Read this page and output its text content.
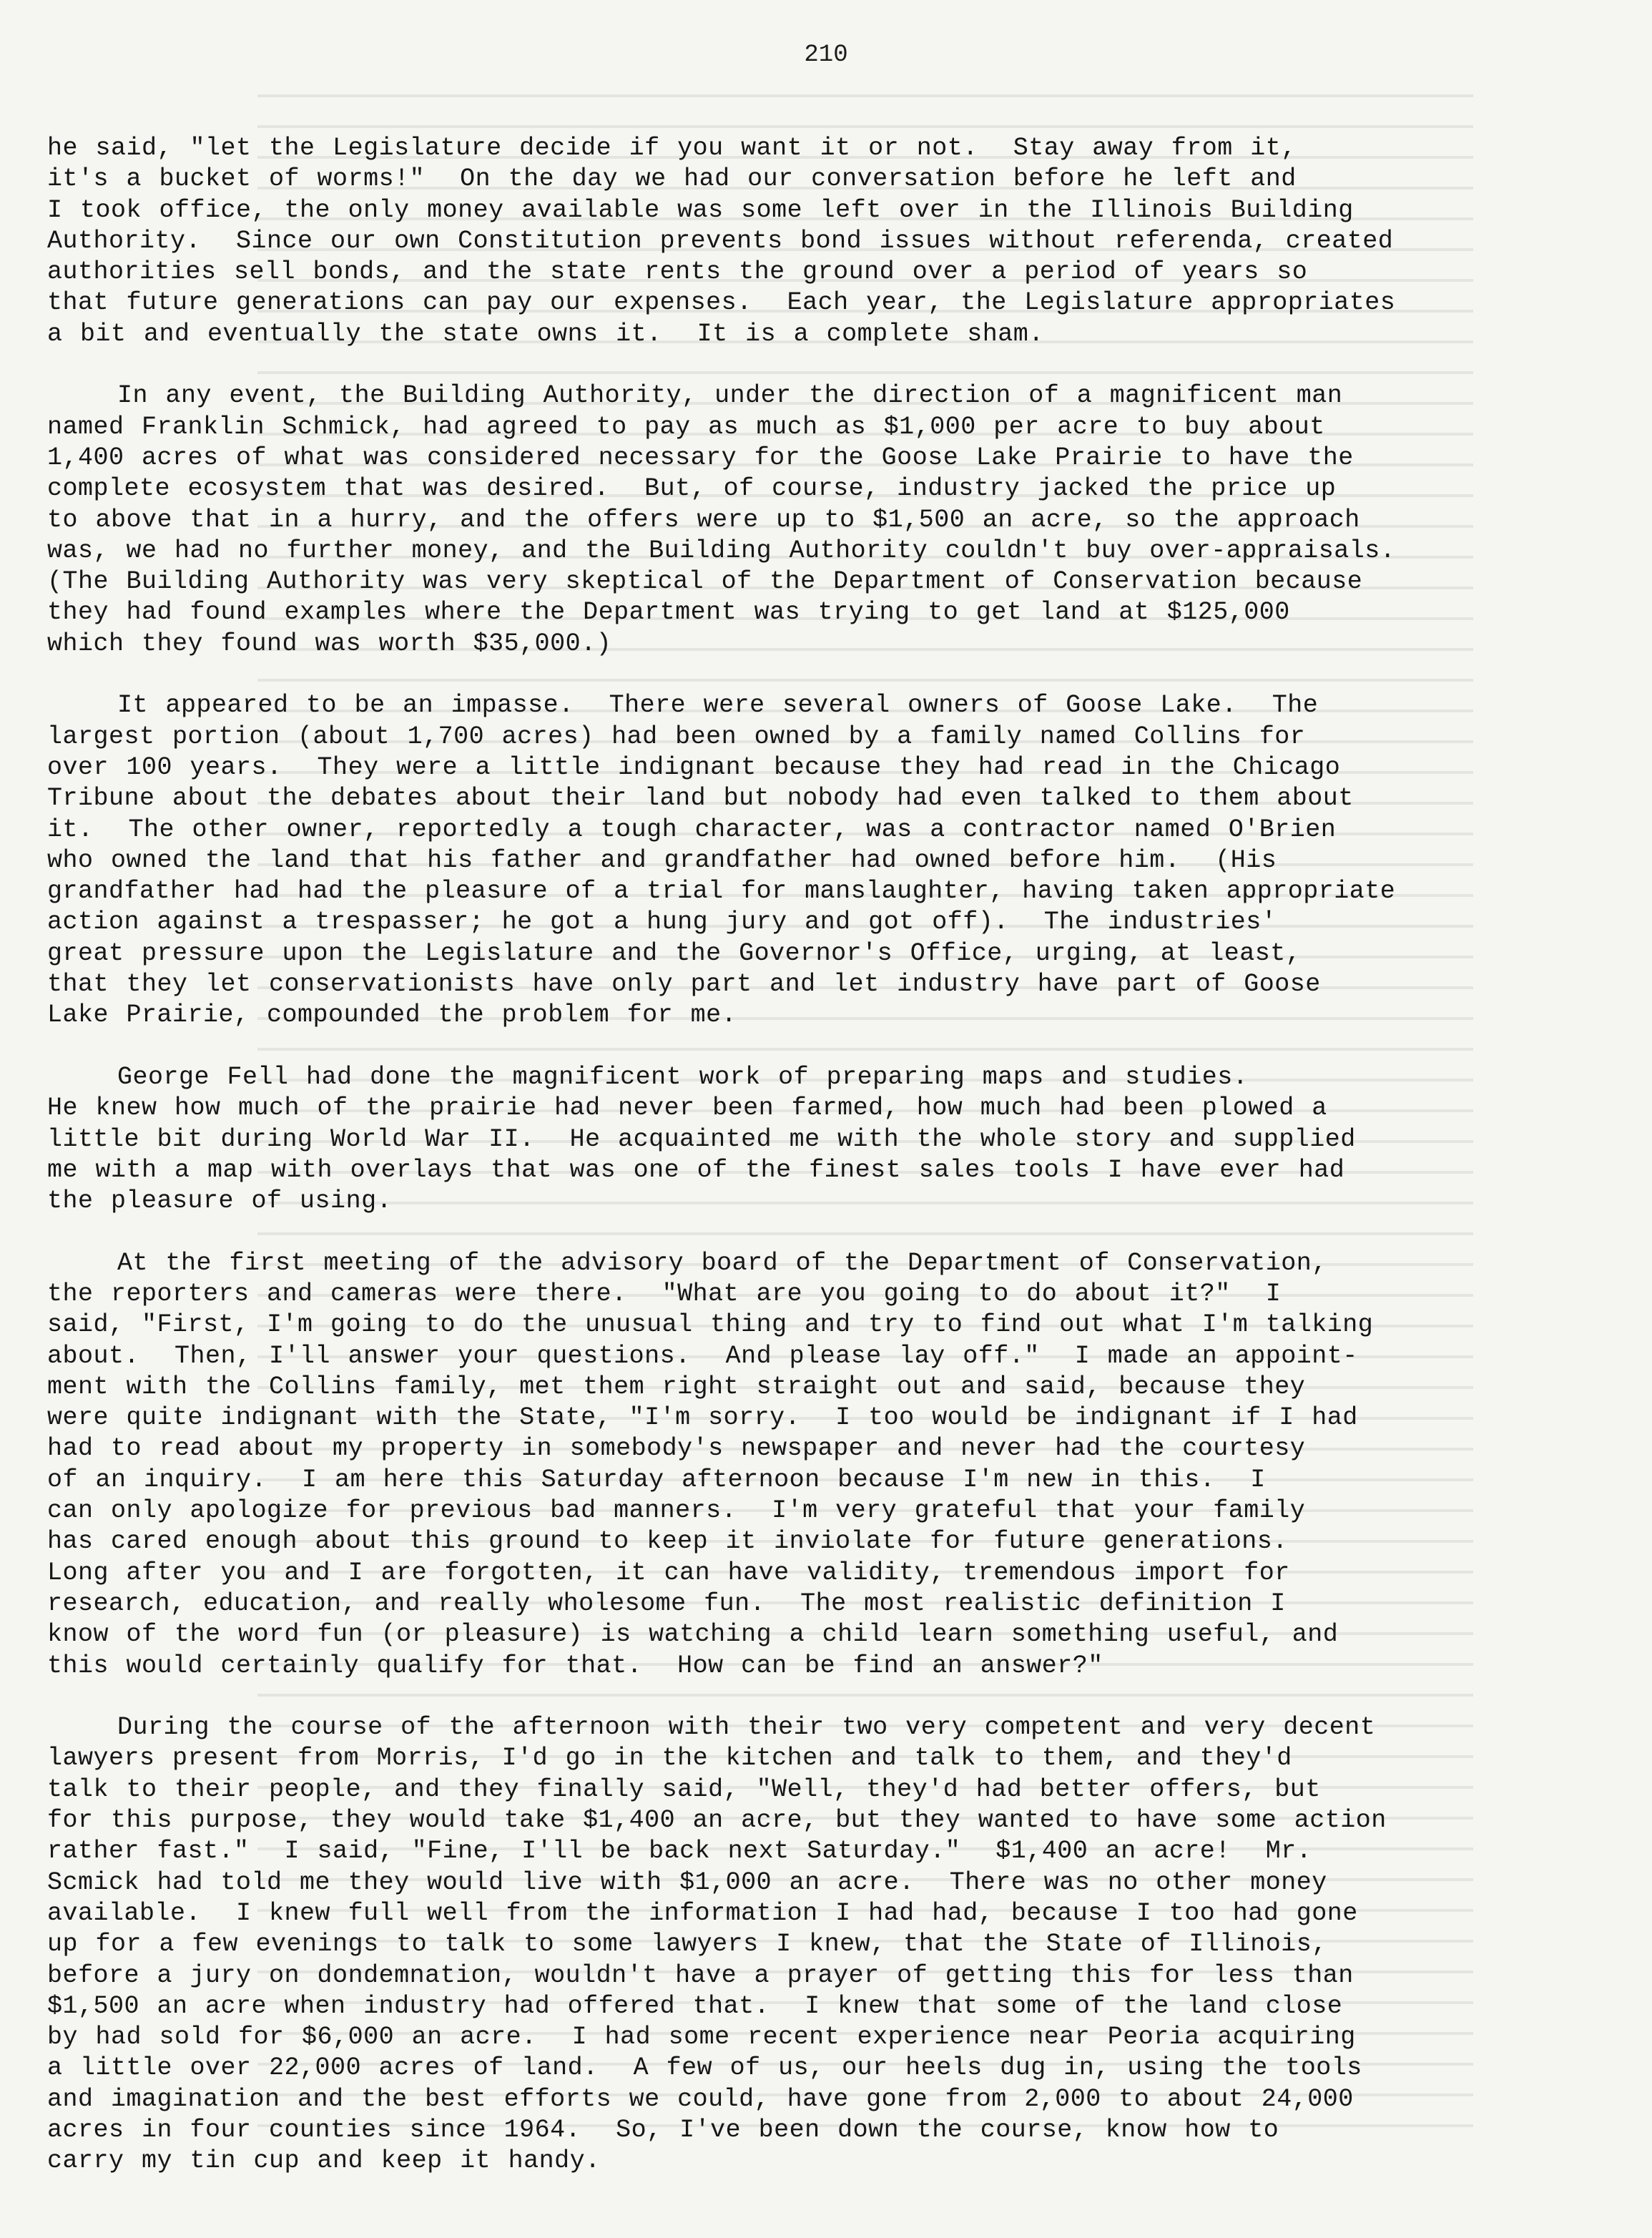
210
he said, "let the Legislature decide if you want it or not.  Stay away from it,
it's a bucket of worms!"  On the day we had our conversation before he left and
I took office, the only money available was some left over in the Illinois Building
Authority.  Since our own Constitution prevents bond issues without referenda, created
authorities sell bonds, and the state rents the ground over a period of years so
that future generations can pay our expenses.  Each year, the Legislature appropriates
a bit and eventually the state owns it.  It is a complete sham.
In any event, the Building Authority, under the direction of a magnificent man
named Franklin Schmick, had agreed to pay as much as $1,000 per acre to buy about
1,400 acres of what was considered necessary for the Goose Lake Prairie to have the
complete ecosystem that was desired.  But, of course, industry jacked the price up
to above that in a hurry, and the offers were up to $1,500 an acre, so the approach
was, we had no further money, and the Building Authority couldn't buy over-appraisals.
(The Building Authority was very skeptical of the Department of Conservation because
they had found examples where the Department was trying to get land at $125,000
which they found was worth $35,000.)
It appeared to be an impasse.  There were several owners of Goose Lake.  The
largest portion (about 1,700 acres) had been owned by a family named Collins for
over 100 years.  They were a little indignant because they had read in the Chicago
Tribune about the debates about their land but nobody had even talked to them about
it.  The other owner, reportedly a tough character, was a contractor named O'Brien
who owned the land that his father and grandfather had owned before him.  (His
grandfather had had the pleasure of a trial for manslaughter, having taken appropriate
action against a trespasser; he got a hung jury and got off).  The industries'
great pressure upon the Legislature and the Governor's Office, urging, at least,
that they let conservationists have only part and let industry have part of Goose
Lake Prairie, compounded the problem for me.
George Fell had done the magnificent work of preparing maps and studies.
He knew how much of the prairie had never been farmed, how much had been plowed a
little bit during World War II.  He acquainted me with the whole story and supplied
me with a map with overlays that was one of the finest sales tools I have ever had
the pleasure of using.
At the first meeting of the advisory board of the Department of Conservation,
the reporters and cameras were there.  "What are you going to do about it?"  I
said, "First, I'm going to do the unusual thing and try to find out what I'm talking
about.  Then, I'll answer your questions.  And please lay off."  I made an appoint-
ment with the Collins family, met them right straight out and said, because they
were quite indignant with the State, "I'm sorry.  I too would be indignant if I had
had to read about my property in somebody's newspaper and never had the courtesy
of an inquiry.  I am here this Saturday afternoon because I'm new in this.  I
can only apologize for previous bad manners.  I'm very grateful that your family
has cared enough about this ground to keep it inviolate for future generations.
Long after you and I are forgotten, it can have validity, tremendous import for
research, education, and really wholesome fun.  The most realistic definition I
know of the word fun (or pleasure) is watching a child learn something useful, and
this would certainly qualify for that.  How can be find an answer?"
During the course of the afternoon with their two very competent and very decent
lawyers present from Morris, I'd go in the kitchen and talk to them, and they'd
talk to their people, and they finally said, "Well, they'd had better offers, but
for this purpose, they would take $1,400 an acre, but they wanted to have some action
rather fast."  I said, "Fine, I'll be back next Saturday."  $1,400 an acre!  Mr.
Scmick had told me they would live with $1,000 an acre.  There was no other money
available.  I knew full well from the information I had had, because I too had gone
up for a few evenings to talk to some lawyers I knew, that the State of Illinois,
before a jury on dondemnation, wouldn't have a prayer of getting this for less than
$1,500 an acre when industry had offered that.  I knew that some of the land close
by had sold for $6,000 an acre.  I had some recent experience near Peoria acquiring
a little over 22,000 acres of land.  A few of us, our heels dug in, using the tools
and imagination and the best efforts we could, have gone from 2,000 to about 24,000
acres in four counties since 1964.  So, I've been down the course, know how to
carry my tin cup and keep it handy.
